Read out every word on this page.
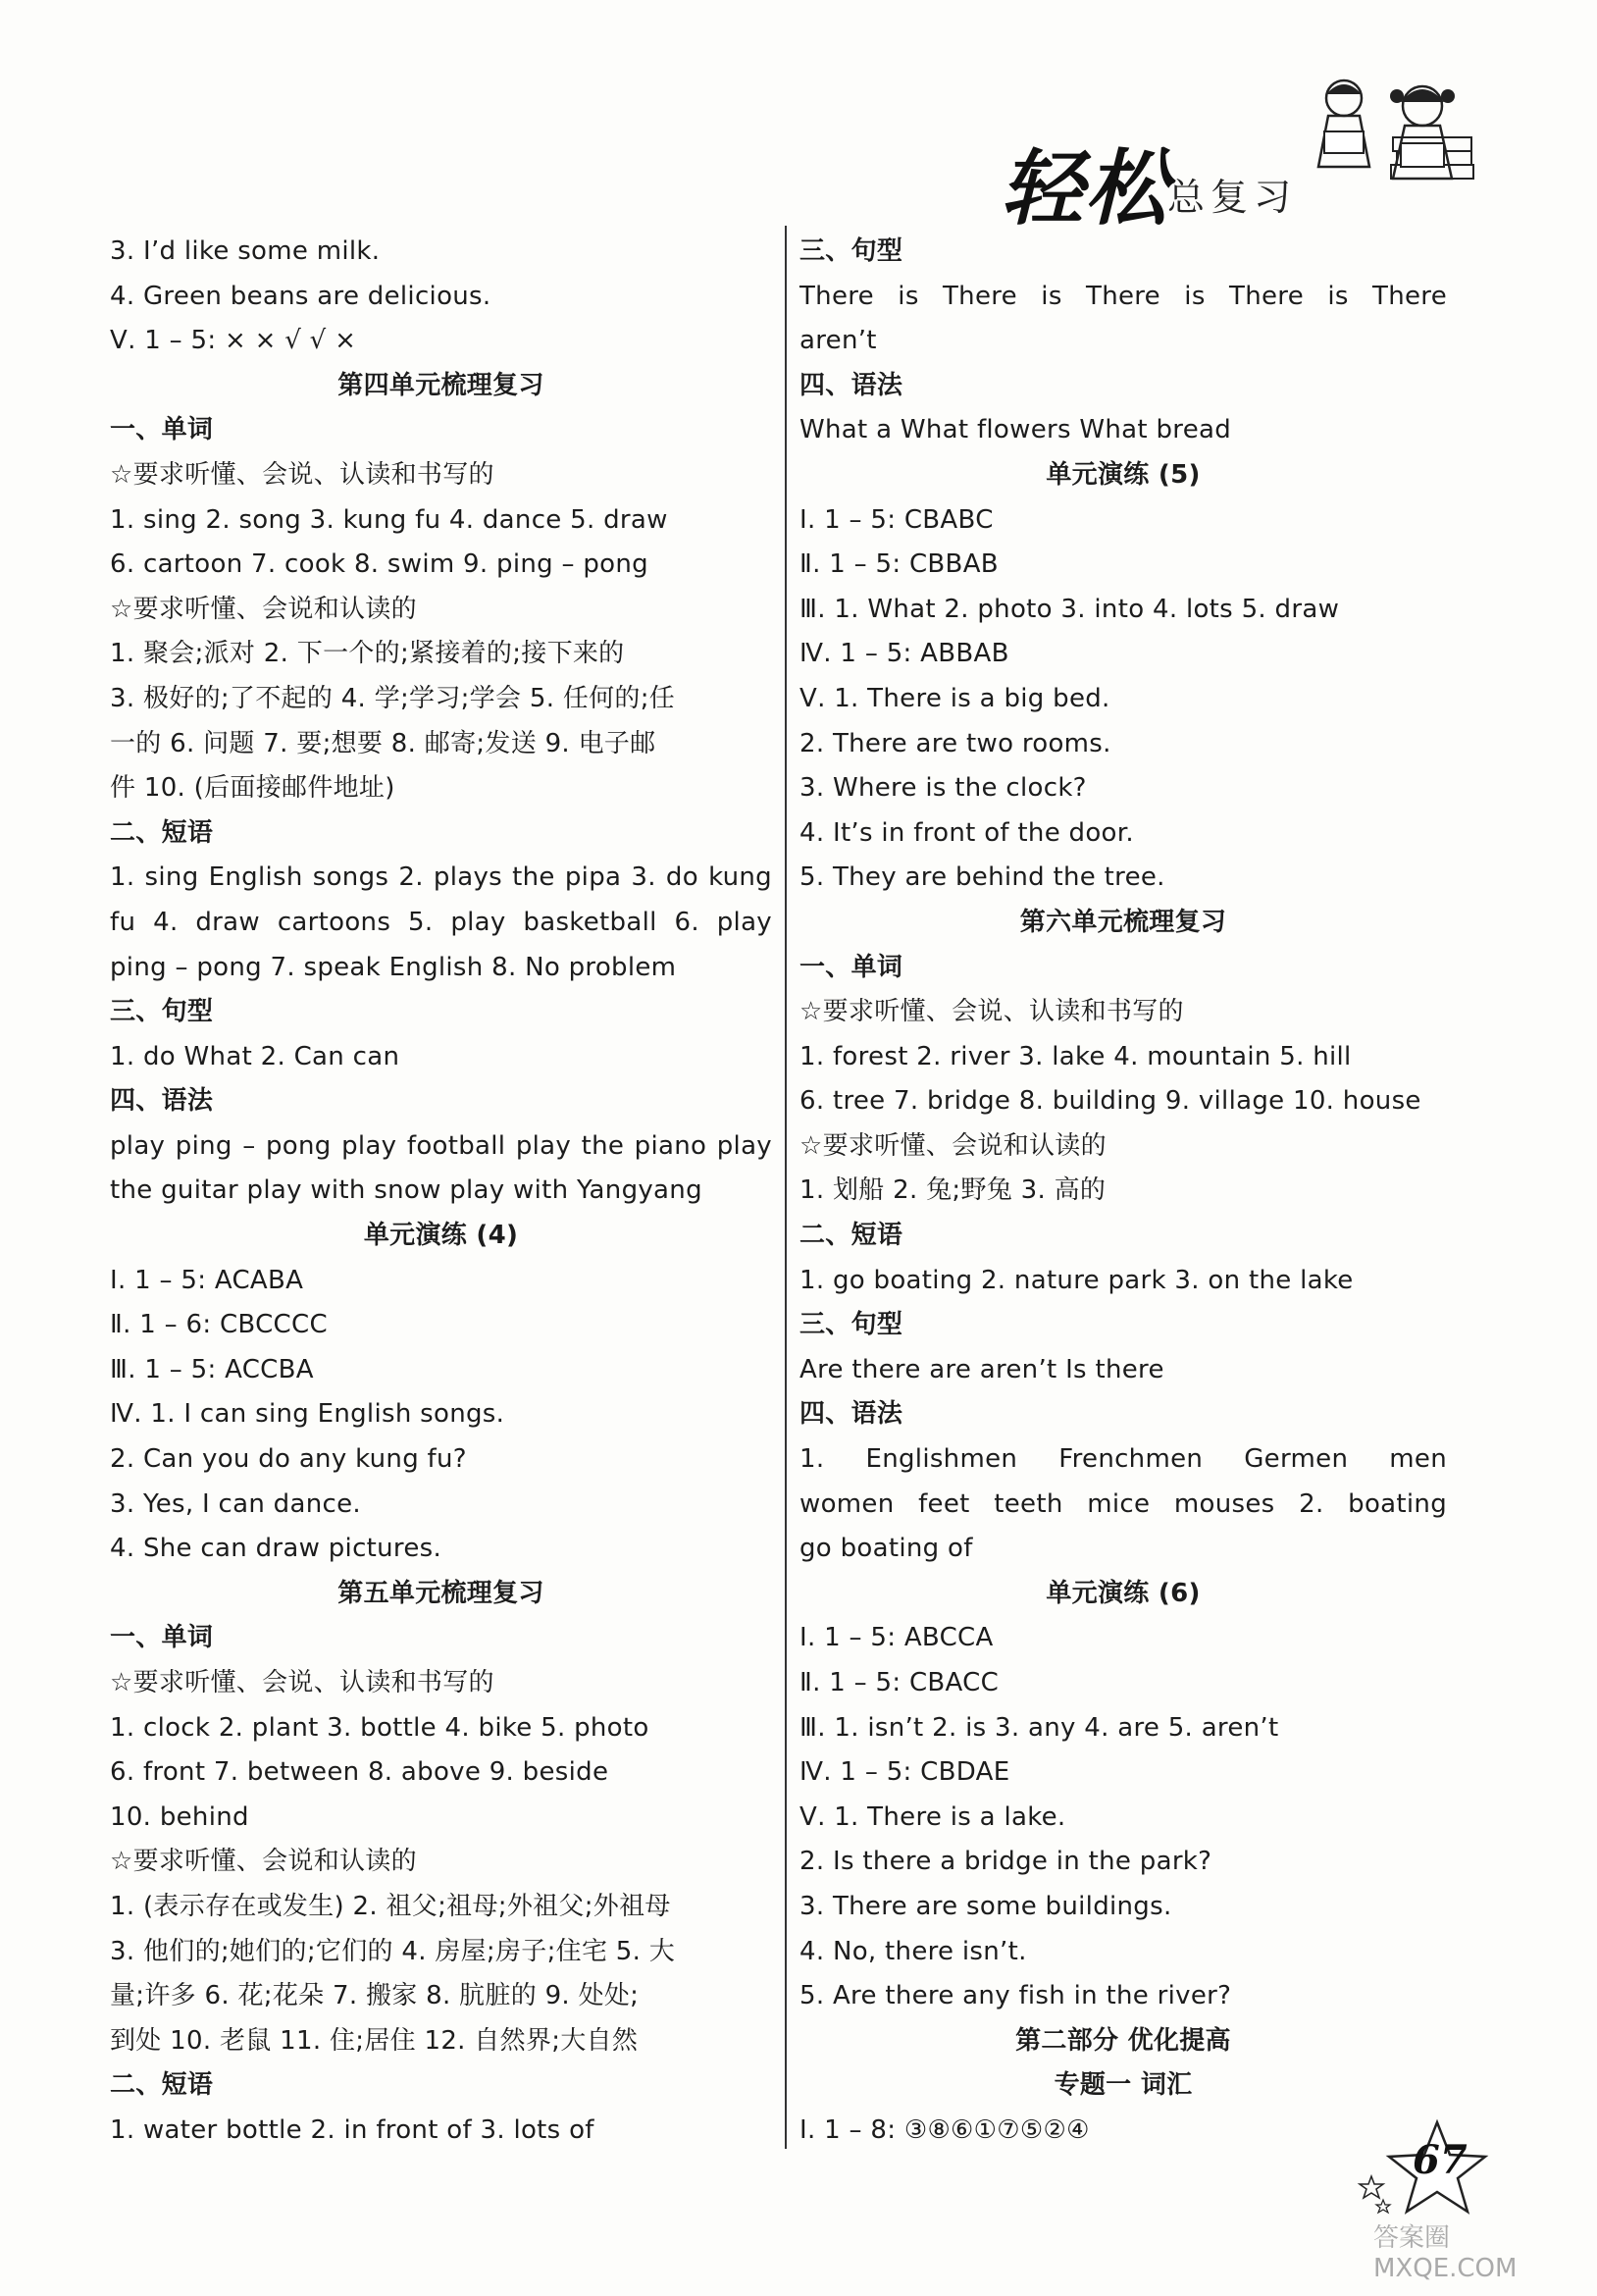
轻松
总复习
3. I’d like some milk.
4. Green beans are delicious.
Ⅴ. 1 – 5: × × √ √ ×
第四单元梳理复习
一、单词
☆要求听懂、会说、认读和书写的
1. sing 2. song 3. kung fu 4. dance 5. draw
6. cartoon 7. cook 8. swim 9. ping – pong
☆要求听懂、会说和认读的
1. 聚会;派对 2. 下一个的;紧接着的;接下来的
3. 极好的;了不起的 4. 学;学习;学会 5. 任何的;任
一的 6. 问题 7. 要;想要 8. 邮寄;发送 9. 电子邮
件 10. (后面接邮件地址)
二、短语
1. sing English songs 2. plays the pipa 3. do kung
fu 4. draw cartoons 5. play basketball 6. play
ping – pong 7. speak English 8. No problem
三、句型
1. do What 2. Can can
四、语法
play ping – pong play football play the piano play
the guitar play with snow play with Yangyang
单元演练 (4)
Ⅰ. 1 – 5: ACABA
Ⅱ. 1 – 6: CBCCCC
Ⅲ. 1 – 5: ACCBA
Ⅳ. 1. I can sing English songs.
2. Can you do any kung fu?
3. Yes, I can dance.
4. She can draw pictures.
第五单元梳理复习
一、单词
☆要求听懂、会说、认读和书写的
1. clock 2. plant 3. bottle 4. bike 5. photo
6. front 7. between 8. above 9. beside
10. behind
☆要求听懂、会说和认读的
1. (表示存在或发生) 2. 祖父;祖母;外祖父;外祖母
3. 他们的;她们的;它们的 4. 房屋;房子;住宅 5. 大
量;许多 6. 花;花朵 7. 搬家 8. 肮脏的 9. 处处;
到处 10. 老鼠 11. 住;居住 12. 自然界;大自然
二、短语
1. water bottle 2. in front of 3. lots of
三、句型
There is There is There is There is There
aren’t
四、语法
What a What flowers What bread
单元演练 (5)
Ⅰ. 1 – 5: CBABC
Ⅱ. 1 – 5: CBBAB
Ⅲ. 1. What 2. photo 3. into 4. lots 5. draw
Ⅳ. 1 – 5: ABBAB
Ⅴ. 1. There is a big bed.
2. There are two rooms.
3. Where is the clock?
4. It’s in front of the door.
5. They are behind the tree.
第六单元梳理复习
一、单词
☆要求听懂、会说、认读和书写的
1. forest 2. river 3. lake 4. mountain 5. hill
6. tree 7. bridge 8. building 9. village 10. house
☆要求听懂、会说和认读的
1. 划船 2. 兔;野兔 3. 高的
二、短语
1. go boating 2. nature park 3. on the lake
三、句型
Are there are aren’t Is there
四、语法
1. Englishmen Frenchmen Germen men
women feet teeth mice mouses 2. boating
go boating of
单元演练 (6)
Ⅰ. 1 – 5: ABCCA
Ⅱ. 1 – 5: CBACC
Ⅲ. 1. isn’t 2. is 3. any 4. are 5. aren’t
Ⅳ. 1 – 5: CBDAE
Ⅴ. 1. There is a lake.
2. Is there a bridge in the park?
3. There are some buildings.
4. No, there isn’t.
5. Are there any fish in the river?
第二部分 优化提高
专题一 词汇
Ⅰ. 1 – 8: ③⑧⑥①⑦⑤②④
67
答案圈 MXQE.COM
